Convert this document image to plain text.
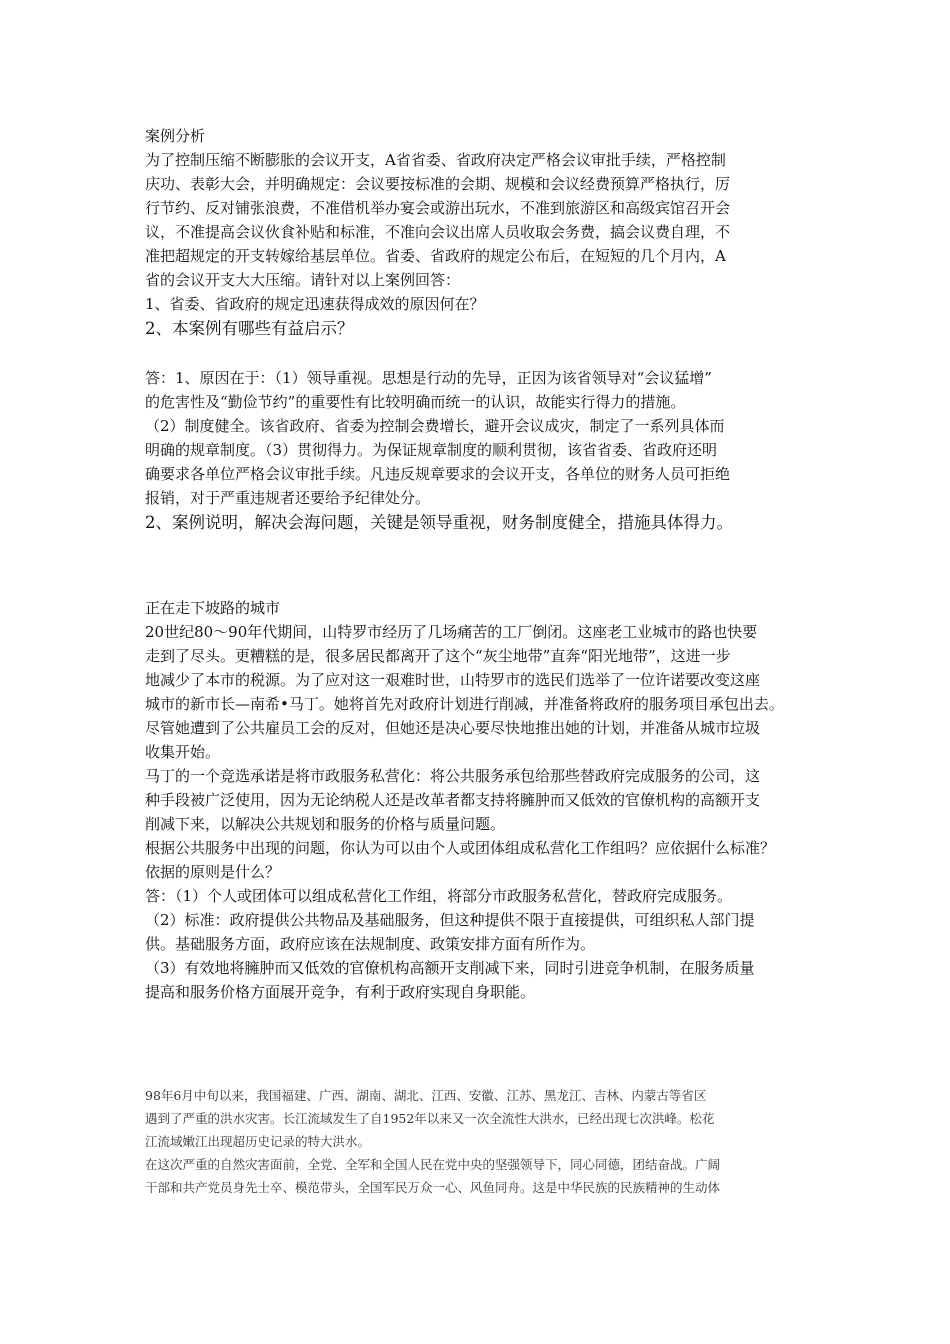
案例分析
为了控制压缩不断膨胀的会议开支，A省省委、省政府决定严格会议审批手续，严格控制
庆功、表彰大会，并明确规定：会议要按标准的会期、规模和会议经费预算严格执行，厉
行节约、反对铺张浪费，不准借机举办宴会或游出玩水，不准到旅游区和高级宾馆召开会
议，不准提高会议伙食补贴和标准，不准向会议出席人员收取会务费，搞会议费自理，不
准把超规定的开支转嫁给基层单位。省委、省政府的规定公布后，在短短的几个月内，A
省的会议开支大大压缩。请针对以上案例回答：
1、省委、省政府的规定迅速获得成效的原因何在？
2、本案例有哪些有益启示？
答：1、原因在于：（1）领导重视。思想是行动的先导，正因为该省领导对“会议猛增”
的危害性及“勤俭节约”的重要性有比较明确而统一的认识，故能实行得力的措施。
（2）制度健全。该省政府、省委为控制会费增长，避开会议成灾，制定了一系列具体而
明确的规章制度。（3）贯彻得力。为保证规章制度的顺利贯彻，该省省委、省政府还明
确要求各单位严格会议审批手续。凡违反规章要求的会议开支，各单位的财务人员可拒绝
报销，对于严重违规者还要给予纪律处分。
2、案例说明，解决会海问题，关键是领导重视，财务制度健全，措施具体得力。
正在走下坡路的城市
20世纪80～90年代期间，山特罗市经历了几场痛苦的工厂倒闭。这座老工业城市的路也快要
走到了尽头。更糟糕的是，很多居民都离开了这个“灰尘地带”直奔“阳光地带”，这进一步
地减少了本市的税源。为了应对这一艰难时世，山特罗市的选民们选举了一位许诺要改变这座
城市的新市长—南希•马丁。她将首先对政府计划进行削减，并准备将政府的服务项目承包出去。
尽管她遭到了公共雇员工会的反对，但她还是决心要尽快地推出她的计划，并准备从城市垃圾
收集开始。
马丁的一个竞选承诺是将市政服务私营化：将公共服务承包给那些替政府完成服务的公司，这
种手段被广泛使用，因为无论纳税人还是改革者都支持将臃肿而又低效的官僚机构的高额开支
削减下来，以解决公共规划和服务的价格与质量问题。
根据公共服务中出现的问题，你认为可以由个人或团体组成私营化工作组吗？应依据什么标准？
依据的原则是什么？
答：（1）个人或团体可以组成私营化工作组，将部分市政服务私营化，替政府完成服务。
（2）标准：政府提供公共物品及基础服务，但这种提供不限于直接提供，可组织私人部门提
供。基础服务方面，政府应该在法规制度、政策安排方面有所作为。
（3）有效地将臃肿而又低效的官僚机构高额开支削减下来，同时引进竞争机制，在服务质量
提高和服务价格方面展开竞争，有利于政府实现自身职能。
98年6月中旬以来，我国福建、广西、湖南、湖北、江西、安徽、江苏、黑龙江、吉林、内蒙古等省区
遇到了严重的洪水灾害。长江流域发生了自1952年以来又一次全流性大洪水，已经出现七次洪峰。松花
江流域嫩江出现超历史记录的特大洪水。
在这次严重的自然灾害面前，全党、全军和全国人民在党中央的坚强领导下，同心同德，团结奋战。广阔
干部和共产党员身先士卒、模范带头，全国军民万众一心、风鱼同舟。这是中华民族的民族精神的生动体
